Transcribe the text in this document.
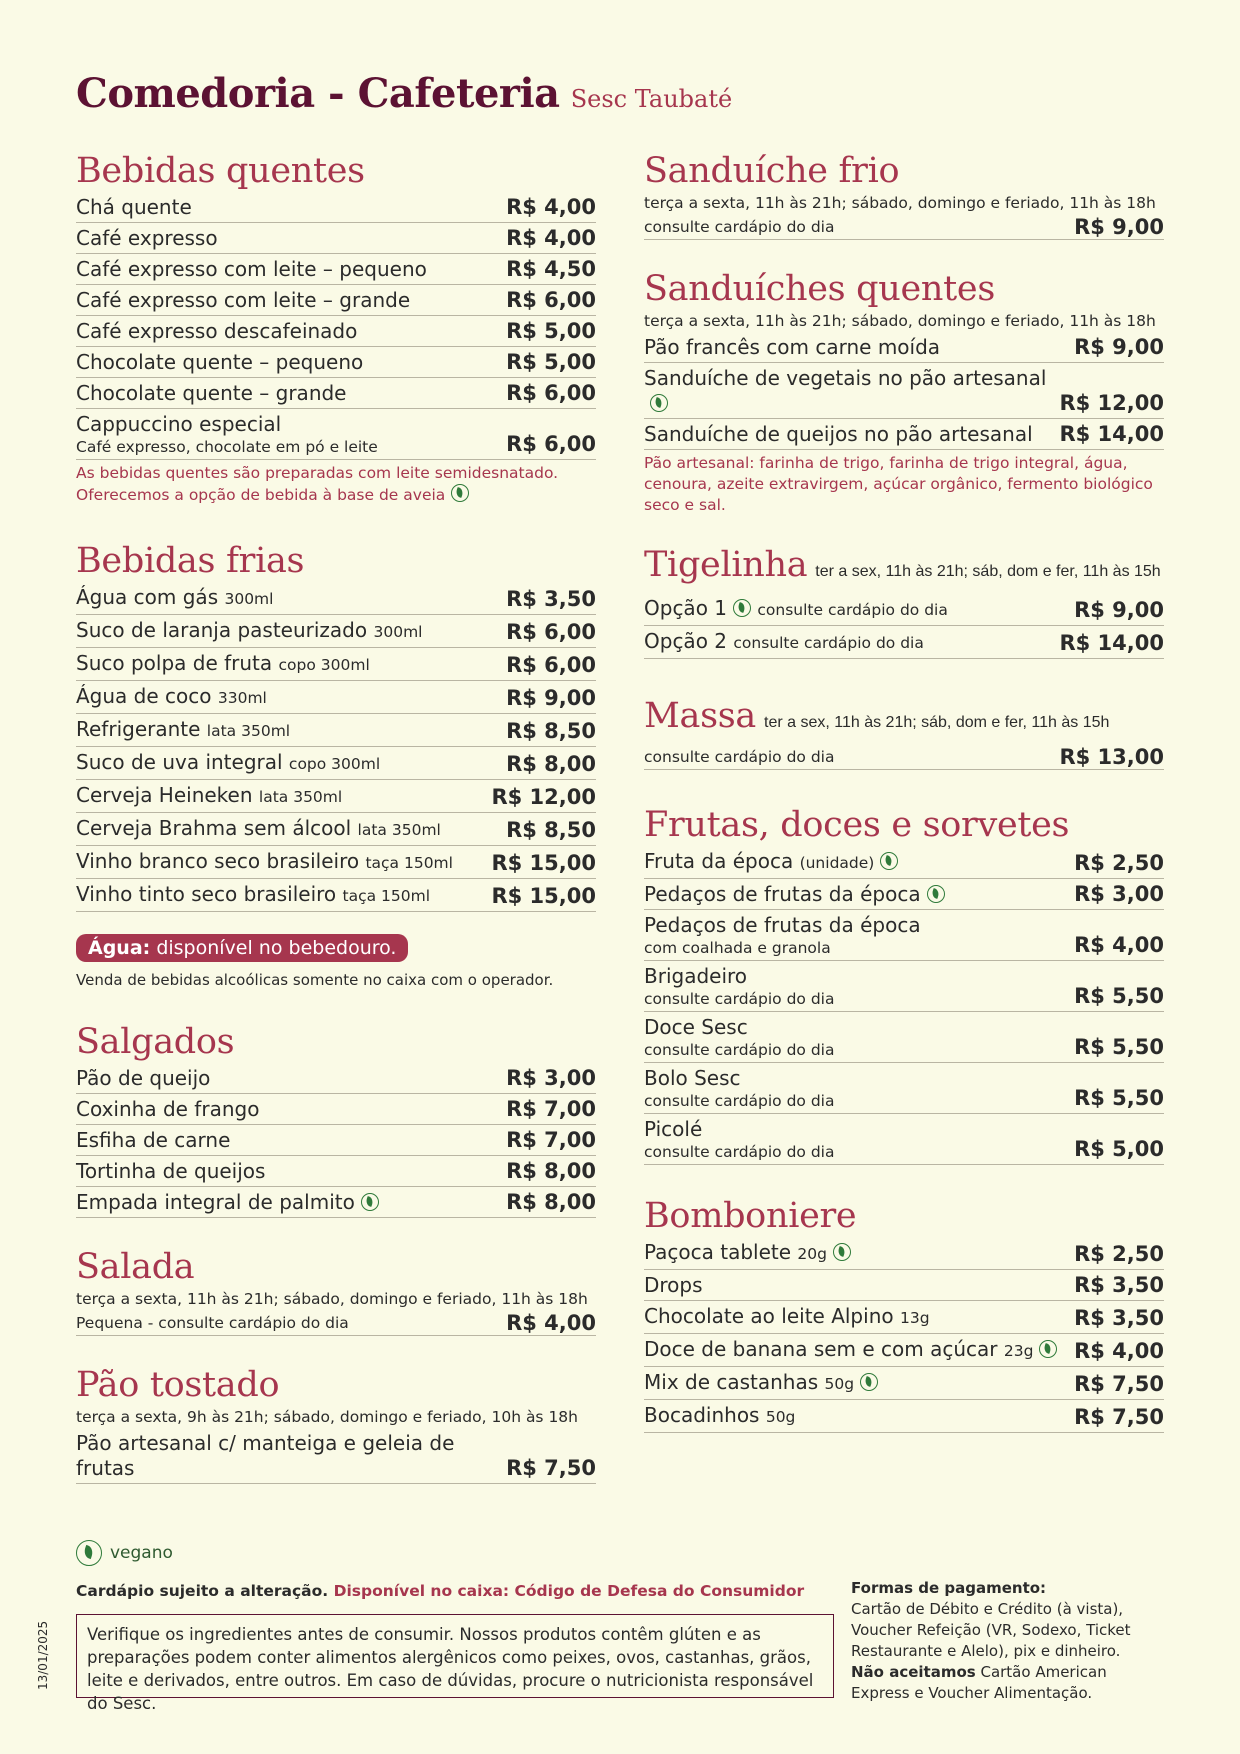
Comedoria - Cafeteria Sesc Taubaté
Bebidas quentes
Chá quente	R$ 4,00
Café expresso	R$ 4,00
Café expresso com leite – pequeno	R$ 4,50
Café expresso com leite – grande	R$ 6,00
Café expresso descafeinado	R$ 5,00
Chocolate quente – pequeno	R$ 5,00
Chocolate quente – grande	R$ 6,00
Cappuccino especial
Café expresso, chocolate em pó e leite	R$ 6,00
As bebidas quentes são preparadas com leite semidesnatado.
Oferecemos a opção de bebida à base de aveia
Bebidas frias
Água com gás 300ml	R$ 3,50
Suco de laranja pasteurizado 300ml	R$ 6,00
Suco polpa de fruta copo 300ml	R$ 6,00
Água de coco 330ml	R$ 9,00
Refrigerante lata 350ml	R$ 8,50
Suco de uva integral copo 300ml	R$ 8,00
Cerveja Heineken lata 350ml	R$ 12,00
Cerveja Brahma sem álcool lata 350ml	R$ 8,50
Vinho branco seco brasileiro taça 150ml	R$ 15,00
Vinho tinto seco brasileiro taça 150ml	R$ 15,00
Água: disponível no bebedouro.
Venda de bebidas alcoólicas somente no caixa com o operador.
Salgados
Pão de queijo	R$ 3,00
Coxinha de frango	R$ 7,00
Esfiha de carne	R$ 7,00
Tortinha de queijos	R$ 8,00
Empada integral de palmito	R$ 8,00
Salada
terça a sexta, 11h às 21h; sábado, domingo e feriado, 11h às 18h
Pequena - consulte cardápio do dia	R$ 4,00
Pão tostado
terça a sexta, 9h às 21h; sábado, domingo e feriado, 10h às 18h
Pão artesanal c/ manteiga e geleia de frutas	R$ 7,50
Sanduíche frio
terça a sexta, 11h às 21h; sábado, domingo e feriado, 11h às 18h
consulte cardápio do dia	R$ 9,00
Sanduíches quentes
terça a sexta, 11h às 21h; sábado, domingo e feriado, 11h às 18h
Pão francês com carne moída	R$ 9,00
Sanduíche de vegetais no pão artesanal
R$ 12,00
Sanduíche de queijos no pão artesanal	R$ 14,00
Pão artesanal: farinha de trigo, farinha de trigo integral, água, cenoura, azeite extravirgem, açúcar orgânico, fermento biológico seco e sal.
Tigelinha ter a sex, 11h às 21h; sáb, dom e fer, 11h às 15h
Opção 1 consulte cardápio do dia	R$ 9,00
Opção 2 consulte cardápio do dia	R$ 14,00
Massa ter a sex, 11h às 21h; sáb, dom e fer, 11h às 15h
consulte cardápio do dia	R$ 13,00
Frutas, doces e sorvetes
Fruta da época (unidade)	R$ 2,50
Pedaços de frutas da época	R$ 3,00
Pedaços de frutas da época
com coalhada e granola	R$ 4,00
Brigadeiro
consulte cardápio do dia	R$ 5,50
Doce Sesc
consulte cardápio do dia	R$ 5,50
Bolo Sesc
consulte cardápio do dia	R$ 5,50
Picolé
consulte cardápio do dia	R$ 5,00
Bomboniere
Paçoca tablete 20g	R$ 2,50
Drops	R$ 3,50
Chocolate ao leite Alpino 13g	R$ 3,50
Doce de banana sem e com açúcar 23g	R$ 4,00
Mix de castanhas 50g	R$ 7,50
Bocadinhos 50g	R$ 7,50
vegano
Cardápio sujeito a alteração. Disponível no caixa: Código de Defesa do Consumidor
Verifique os ingredientes antes de consumir. Nossos produtos contêm glúten e as preparações podem conter alimentos alergênicos como peixes, ovos, castanhas, grãos, leite e derivados, entre outros. Em caso de dúvidas, procure o nutricionista responsável do Sesc.
Formas de pagamento:
Cartão de Débito e Crédito (à vista), Voucher Refeição (VR, Sodexo, Ticket Restaurante e Alelo), pix e dinheiro.
Não aceitamos Cartão American Express e Voucher Alimentação.
13/01/2025
